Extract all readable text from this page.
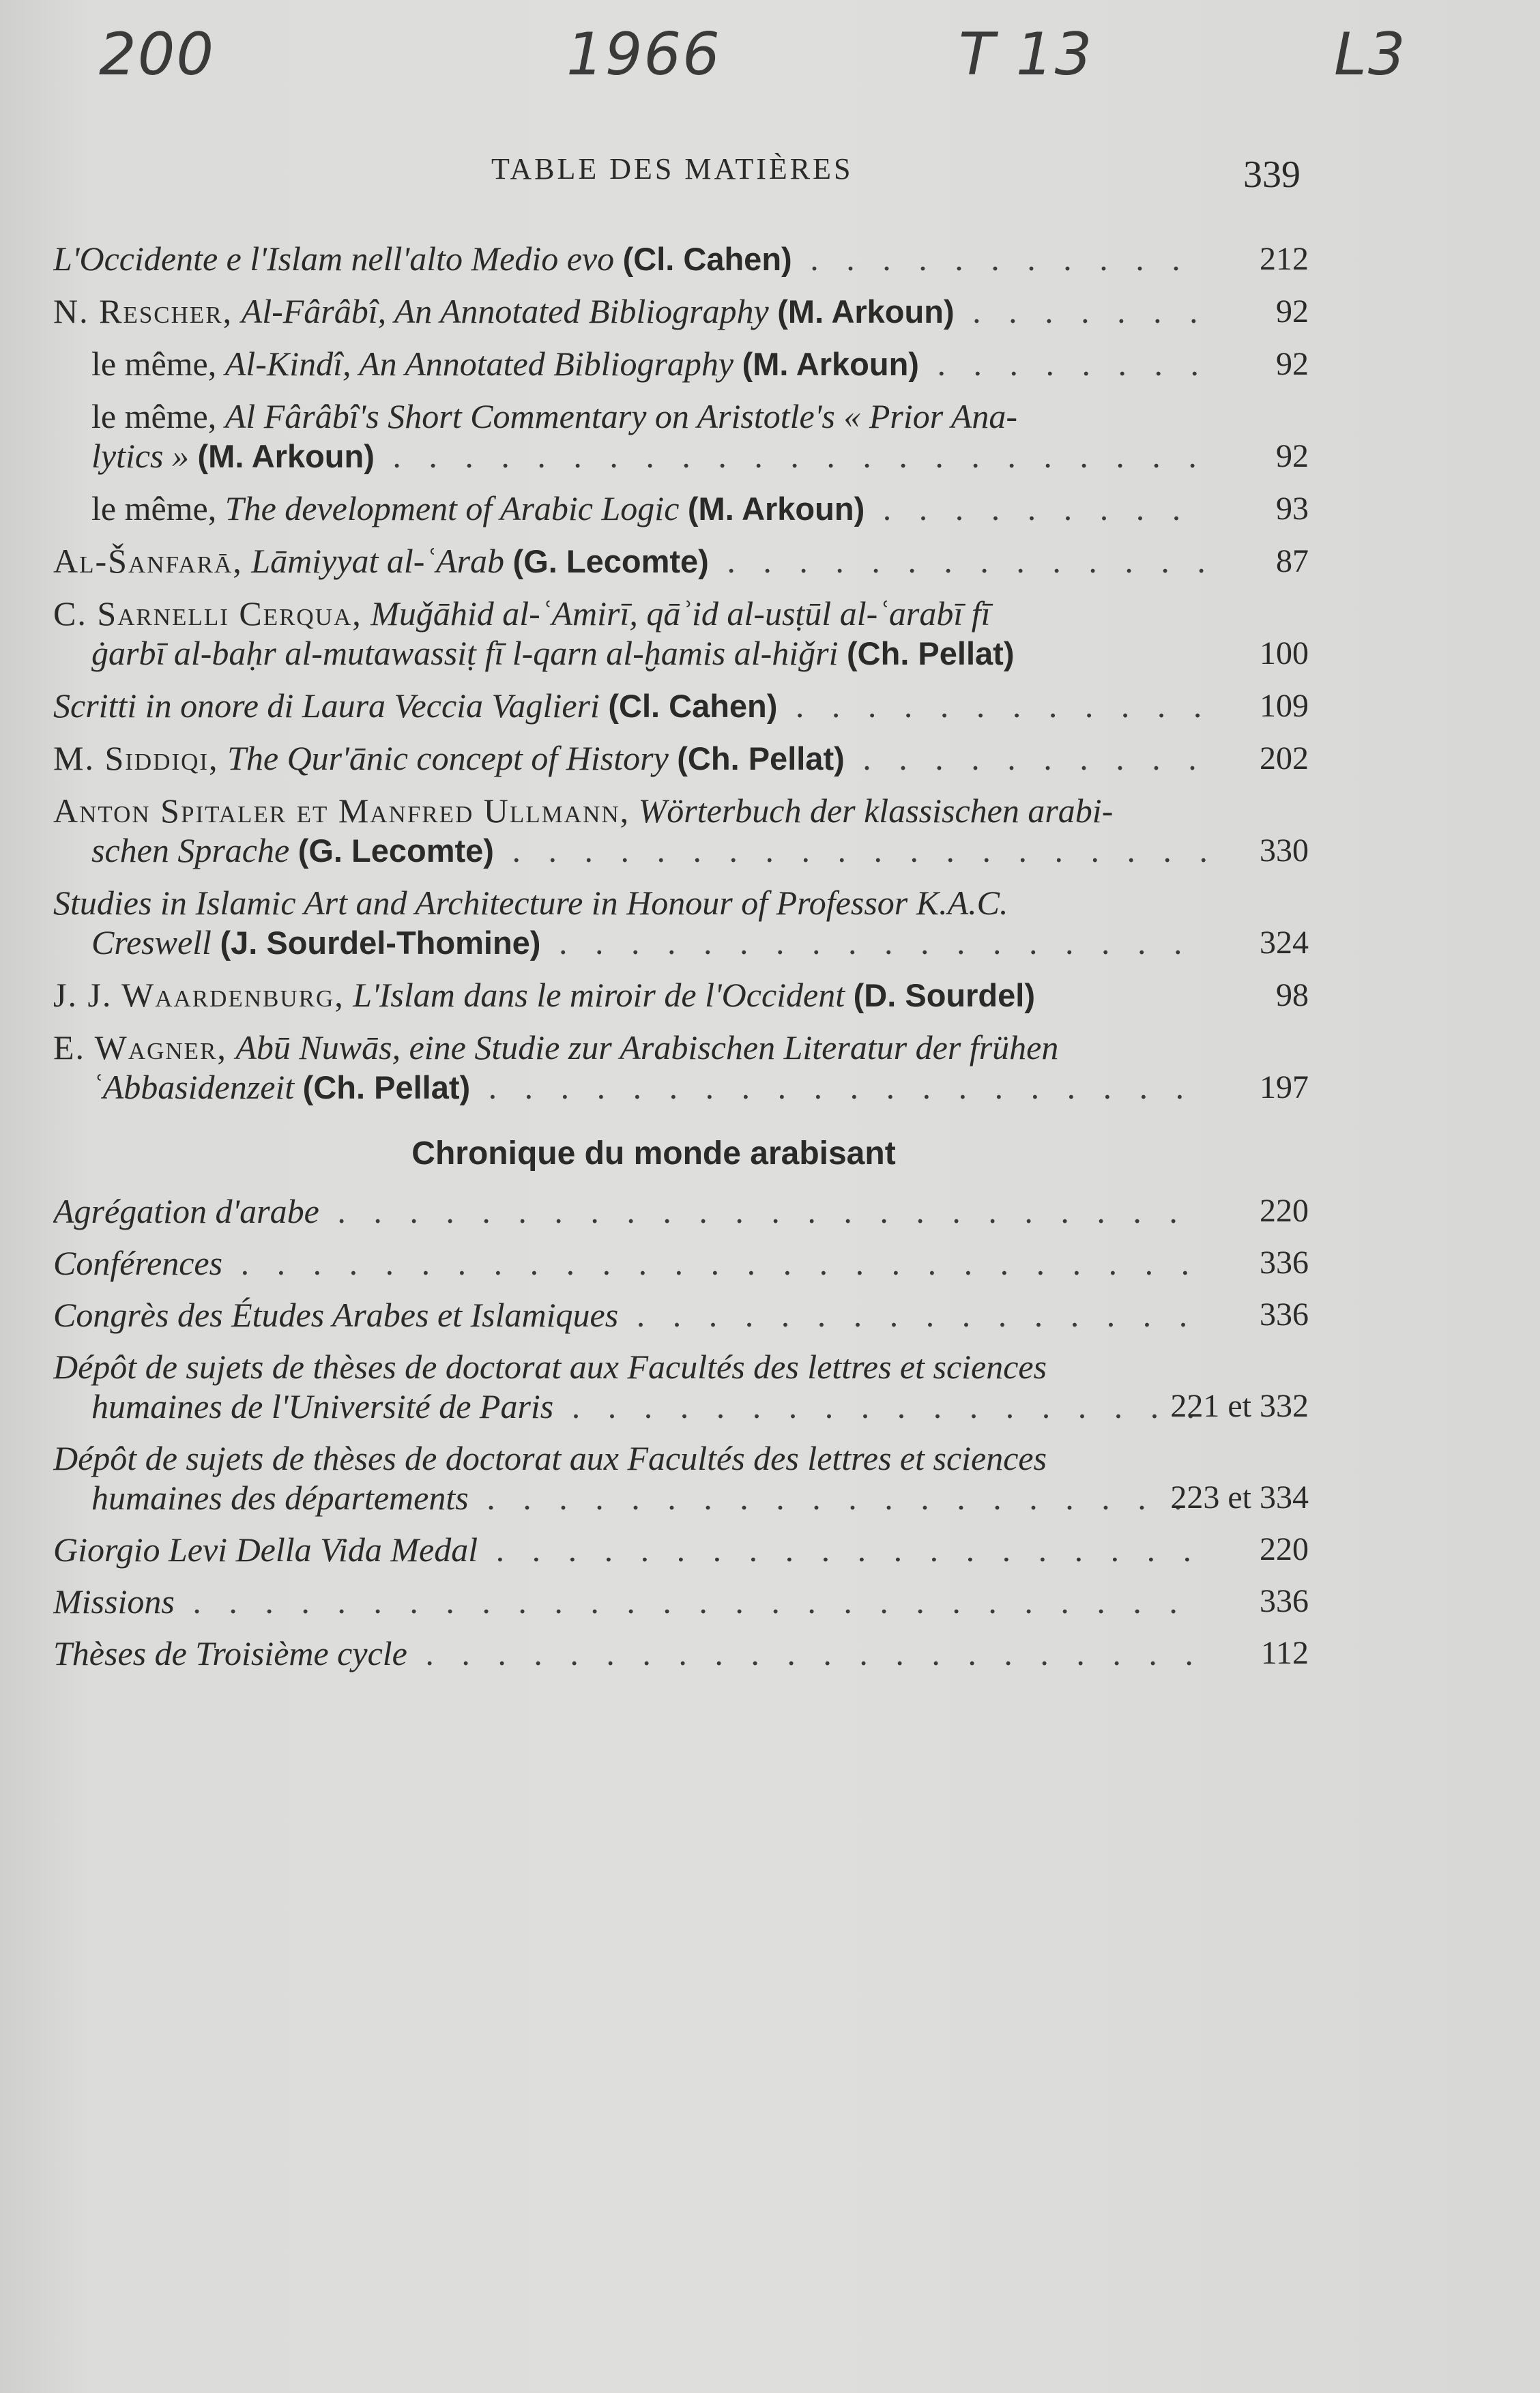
200	1966	T 13	L3
TABLE DES MATIÈRES	339
L'Occidente e l'Islam nell'alto Medio evo (Cl. Cahen) . . .	212
N. Rescher, Al-Fârâbî, An Annotated Bibliography (M. Arkoun) . . .	92
le même, Al-Kindî, An Annotated Bibliography (M. Arkoun) . . .	92
le même, Al Fârâbî's Short Commentary on Aristotle's « Prior Ana-
lytics » (M. Arkoun) . . .	92
le même, The development of Arabic Logic (M. Arkoun) . . .	93
Al-Šanfarā, Lāmiyyat al-ʿArab (G. Lecomte) . . .	87
C. Sarnelli Cerqua, Muǧāhid al-ʿAmirī, qāʾid al-usṭūl al-ʿarabī fī
ġarbī al-baḥr al-mutawassiṭ fī l-qarn al-ḫamis al-hiǧri (Ch. Pellat)	100
Scritti in onore di Laura Veccia Vaglieri (Cl. Cahen) . . .	109
M. Siddiqi, The Qur'ānic concept of History (Ch. Pellat) . . .	202
Anton Spitaler et Manfred Ullmann, Wörterbuch der klassischen arabi-
schen Sprache (G. Lecomte) . . .	330
Studies in Islamic Art and Architecture in Honour of Professor K.A.C.
Creswell (J. Sourdel-Thomine) . . .	324
J. J. Waardenburg, L'Islam dans le miroir de l'Occident (D. Sourdel)	98
E. Wagner, Abū Nuwās, eine Studie zur Arabischen Literatur der frühen
ʿAbbasidenzeit (Ch. Pellat) . . .	197
Chronique du monde arabisant
Agrégation d'arabe . . .	220
Conférences . . .	336
Congrès des Études Arabes et Islamiques . . .	336
Dépôt de sujets de thèses de doctorat aux Facultés des lettres et sciences
humaines de l'Université de Paris . . .	221 et 332
Dépôt de sujets de thèses de doctorat aux Facultés des lettres et sciences
humaines des départements . . .	223 et 334
Giorgio Levi Della Vida Medal . . .	220
Missions . . .	336
Thèses de Troisième cycle . . .	112
